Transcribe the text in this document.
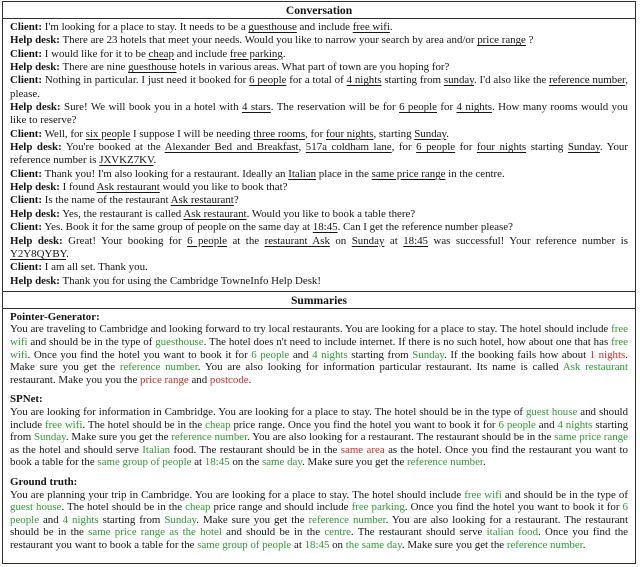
Conversation

Client: I'm looking for a place to stay. It needs to be a guesthouse and include free wifi.

Help desk: There are 23 hotels that meet your needs. Would you like to narrow your search by area and/or price range ?

Client: I would like for it to be cheap and include free parking.

Help desk: There are nine guesthouse hotels in various areas. What part of town are you hoping for?

Client: Nothing in particular. I just need it booked for 6 people for a total of 4 nights starting from sunday. I'd also like the reference number, please.

Help desk: Sure! We will book you in a hotel with 4 stars. The reservation will be for 6 people for 4 nights. How many rooms would you like to reserve?

Client: Well, for six people I suppose I will be needing three rooms, for four nights, starting Sunday.

Help desk: You're booked at the Alexander Bed and Breakfast, 517a coldham lane, for 6 people for four nights starting Sunday. Your reference number is JXVKZ7KV.

Client: Thank you! I'm also looking for a restaurant. Ideally an Italian place in the same price range in the centre.

Help desk: I found Ask restaurant would you like to book that?

Client: Is the name of the restaurant Ask restaurant?

Help desk: Yes, the restaurant is called Ask restaurant. Would you like to book a table there?

Client: Yes. Book it for the same group of people on the same day at 18:45. Can I get the reference number please?

Help desk: Great! Your booking for 6 people at the restaurant Ask on Sunday at 18:45 was successful! Your reference number is Y2Y8QYBY.

Client: I am all set. Thank you.

Help desk: Thank you for using the Cambridge TowneInfo Help Desk!

Summaries

Pointer-Generator:

You are traveling to Cambridge and looking forward to try local restaurants. You are looking for a place to stay. The hotel should include free wifi and should be in the type of guesthouse. The hotel does n't need to include internet. If there is no such hotel, how about one that has free wifi. Once you find the hotel you want to book it for 6 people and 4 nights starting from Sunday. If the booking fails how about 1 nights. Make sure you get the reference number. You are also looking for information particular restaurant. Its name is called Ask restaurant restaurant. Make you you the price range and postcode.

SPNet:

You are looking for information in Cambridge. You are looking for a place to stay. The hotel should be in the type of guest house and should include free wifi. The hotel should be in the cheap price range. Once you find the hotel you want to book it for 6 people and 4 nights starting from Sunday. Make sure you get the reference number. You are also looking for a restaurant. The restaurant should be in the same price range as the hotel and should serve Italian food. The restaurant should be in the same area as the hotel. Once you find the restaurant you want to book a table for the same group of people at 18:45 on the same day. Make sure you get the reference number.

Ground truth:

You are planning your trip in Cambridge. You are looking for a place to stay. The hotel should include free wifi and should be in the type of guest house. The hotel should be in the cheap price range and should include free parking. Once you find the hotel you want to book it for 6 people and 4 nights starting from Sunday. Make sure you get the reference number. You are also looking for a restaurant. The restaurant should be in the same price range as the hotel and should be in the centre. The restaurant should serve italian food. Once you find the restaurant you want to book a table for the same group of people at 18:45 on the same day. Make sure you get the reference number.
